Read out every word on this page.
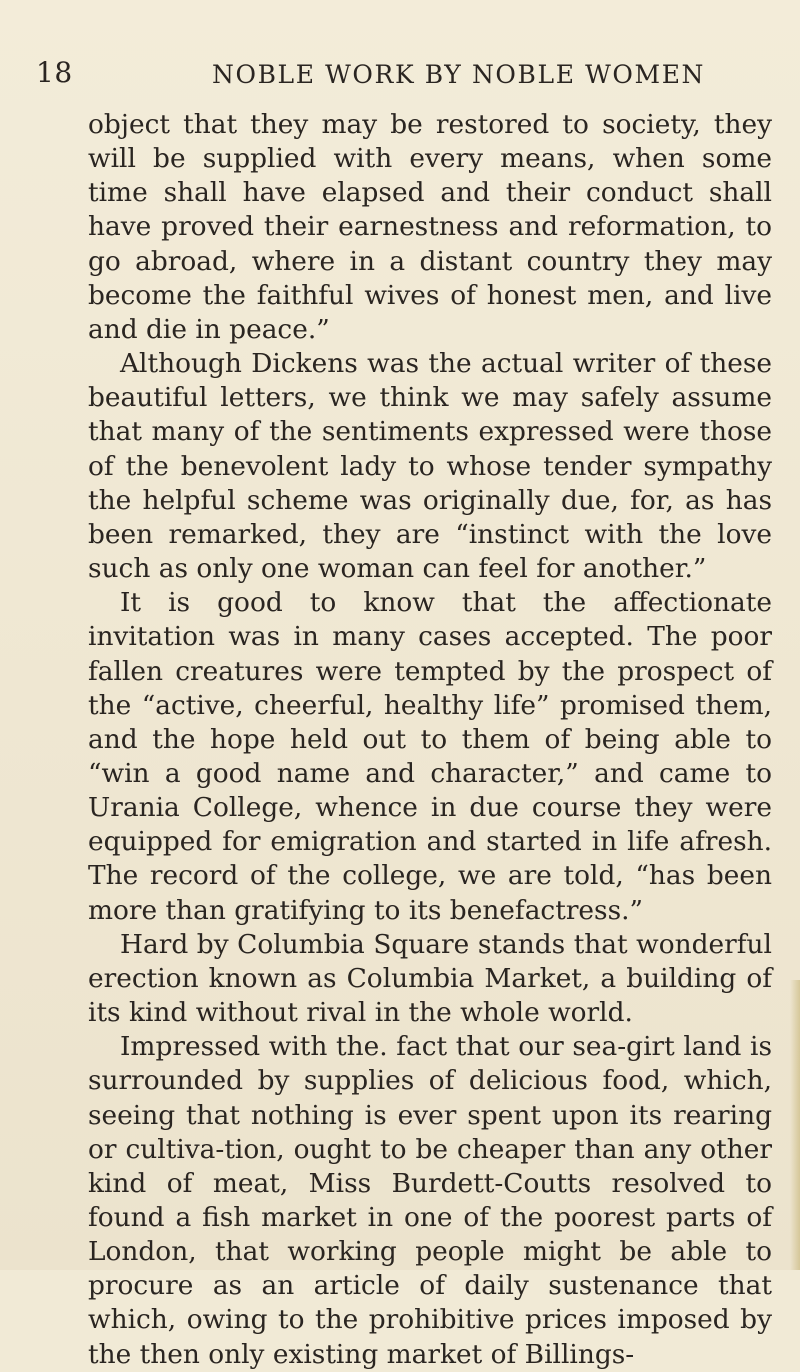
18	NOBLE WORK BY NOBLE WOMEN

object that they may be restored to society, they will be supplied with every means, when some time shall have elapsed and their conduct shall have proved their earnestness and reformation, to go abroad, where in a distant country they may become the faithful wives of honest men, and live and die in peace.”

Although Dickens was the actual writer of these beautiful letters, we think we may safely assume that many of the sentiments expressed were those of the benevolent lady to whose tender sympathy the helpful scheme was originally due, for, as has been remarked, they are “instinct with the love such as only one woman can feel for another.”

It is good to know that the affectionate invitation was in many cases accepted. The poor fallen creatures were tempted by the prospect of the “active, cheerful, healthy life” promised them, and the hope held out to them of being able to “win a good name and character,” and came to Urania College, whence in due course they were equipped for emigration and started in life afresh. The record of the college, we are told, “has been more than gratifying to its benefactress.”

Hard by Columbia Square stands that wonderful erection known as Columbia Market, a building of its kind without rival in the whole world.

Impressed with the. fact that our sea-girt land is surrounded by supplies of delicious food, which, seeing that nothing is ever spent upon its rearing or cultiva-tion, ought to be cheaper than any other kind of meat, Miss Burdett-Coutts resolved to found a fish market in one of the poorest parts of London, that working people might be able to procure as an article of daily sustenance that which, owing to the prohibitive prices imposed by the then only existing market of Billings-
